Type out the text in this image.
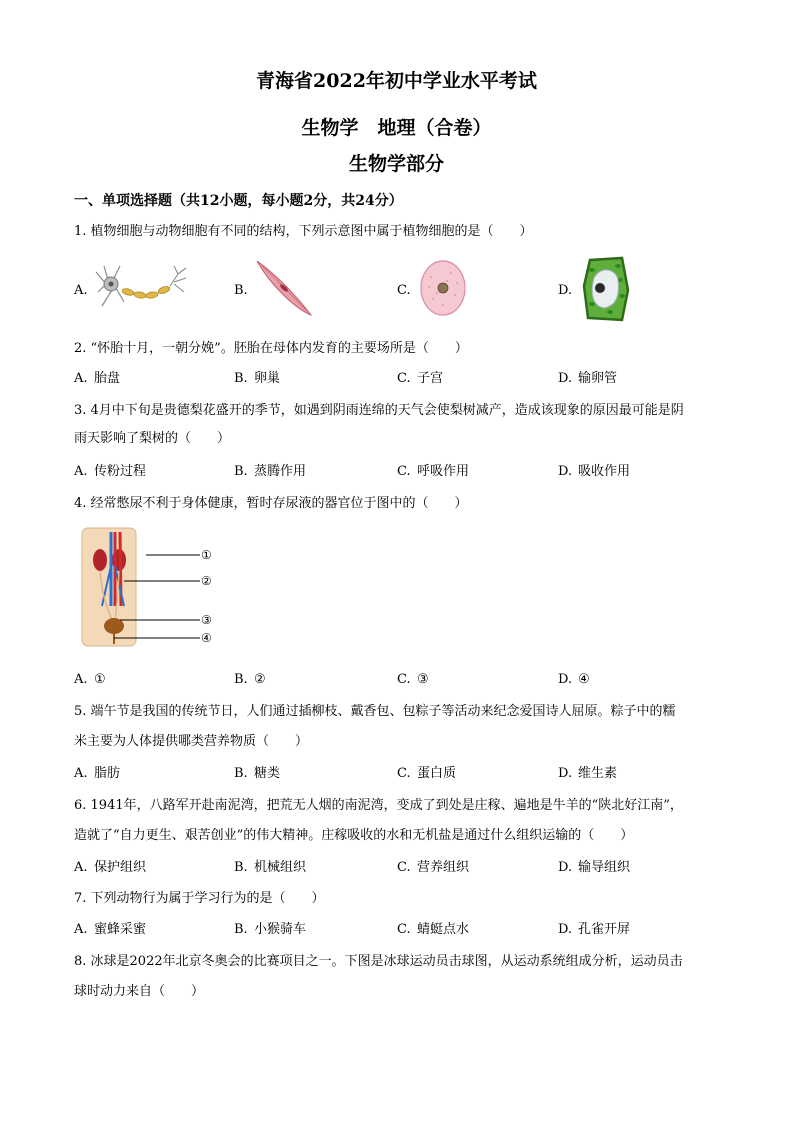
青海省2022年初中学业水平考试
生物学　地理（合卷）
生物学部分
一、单项选择题（共12小题，每小题2分，共24分）
1. 植物细胞与动物细胞有不同的结构，下列示意图中属于植物细胞的是（　　）
A.	B.	C.	D.
2. “怀胎十月，一朝分娩”。胚胎在母体内发育的主要场所是（　　）
A. 胎盘	B. 卵巢	C. 子宫	D. 输卵管
3. 4月中下旬是贵德梨花盛开的季节，如遇到阴雨连绵的天气会使梨树减产，造成该现象的原因最可能是阴
雨天影响了梨树的（　　）
A. 传粉过程	B. 蒸腾作用	C. 呼吸作用	D. 吸收作用
4. 经常憋尿不利于身体健康，暂时存尿液的器官位于图中的（　　）
①
②
③
④
A. ①	B. ②	C. ③	D. ④
5. 端午节是我国的传统节日，人们通过插柳枝、戴香包、包粽子等活动来纪念爱国诗人屈原。粽子中的糯
米主要为人体提供哪类营养物质（　　）
A. 脂肪	B. 糖类	C. 蛋白质	D. 维生素
6. 1941年，八路军开赴南泥湾，把荒无人烟的南泥湾，变成了到处是庄稼、遍地是牛羊的“陕北好江南”，
造就了“自力更生、艰苦创业”的伟大精神。庄稼吸收的水和无机盐是通过什么组织运输的（　　）
A. 保护组织	B. 机械组织	C. 营养组织	D. 输导组织
7. 下列动物行为属于学习行为的是（　　）
A. 蜜蜂采蜜	B. 小猴骑车	C. 蜻蜓点水	D. 孔雀开屏
8. 冰球是2022年北京冬奥会的比赛项目之一。下图是冰球运动员击球图，从运动系统组成分析，运动员击
球时动力来自（　　）
